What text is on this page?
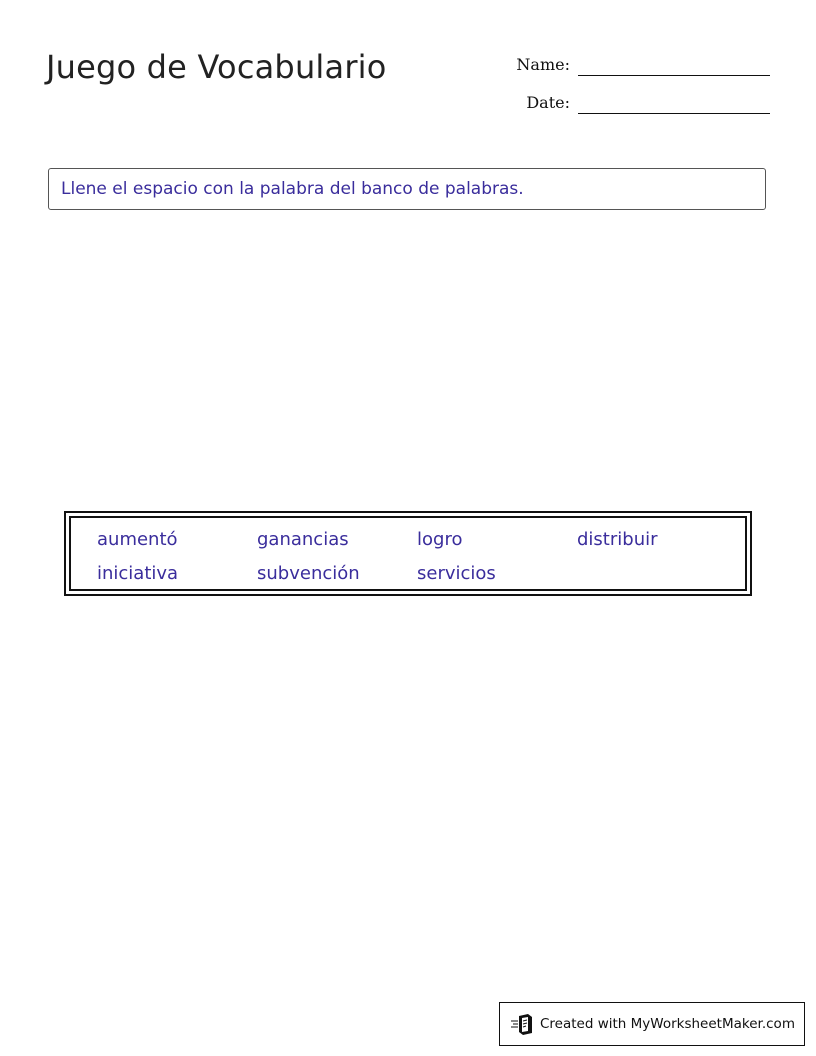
Juego de Vocabulario	Name:
Date:
Llene el espacio con la palabra del banco de palabras.
aumentó	ganancias	logro	distribuir
iniciativa	subvención	servicios
Created with MyWorksheetMaker.com
